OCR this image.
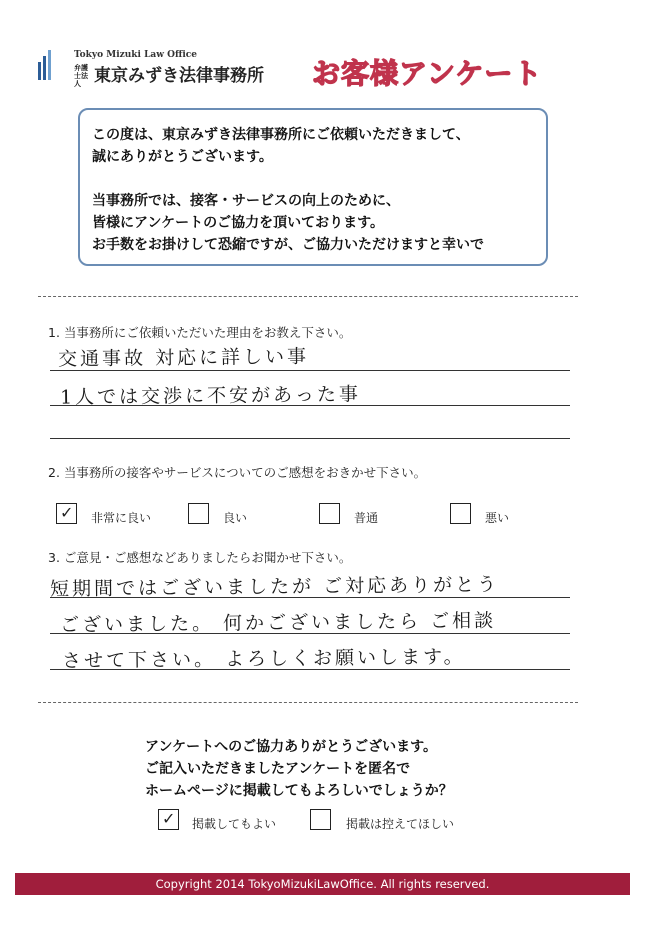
Tokyo Mizuki Law Office
弁護士法人 東京みずき法律事務所 お客様アンケート

この度は、東京みずき法律事務所にご依頼いただきまして、

誠にありがとうございます。

当事務所では、接客・サービスの向上のために、

皆様にアンケートのご協力を頂いております。

お手数をお掛けして恐縮ですが、ご協力いただけますと幸いで

1. 当事務所にご依頼いただいた理由をお教え下さい。
交通事故 対応に詳しい事
1人では交渉に不安があった事
2. 当事務所の接客やサービスについてのご感想をおきかせ下さい。
✓ 非常に良い	良い	普通	悪い
3. ご意見・ご感想などありましたらお聞かせ下さい。
短期間ではございましたが ご対応ありがとう
ございました。 何かございましたら ご相談
させて下さい。 よろしくお願いします。

アンケートへのご協力ありがとうございます。

ご記入いただきましたアンケートを匿名で

ホームページに掲載してもよろしいでしょうか？

✓ 掲載してもよい	掲載は控えてほしい
Copyright 2014 TokyoMizukiLawOffice. All rights reserved.
